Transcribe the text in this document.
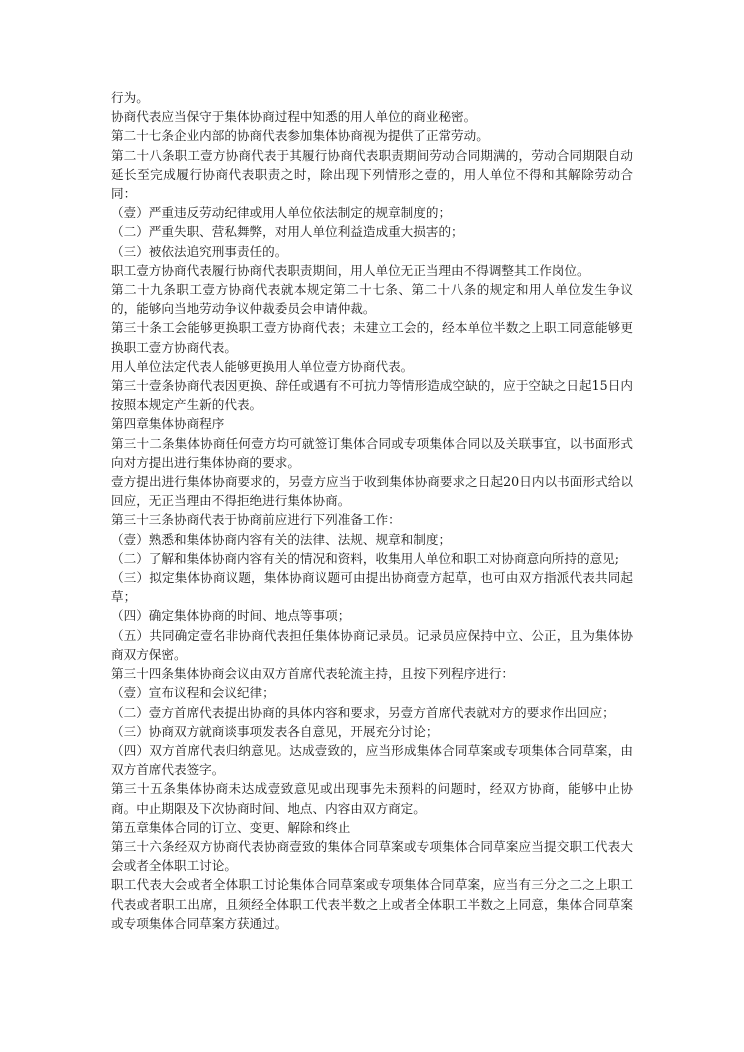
行为。

协商代表应当保守于集体协商过程中知悉的用人单位的商业秘密。

第二十七条企业内部的协商代表参加集体协商视为提供了正常劳动。

第二十八条职工壹方协商代表于其履行协商代表职责期间劳动合同期满的，劳动合同期限自动延长至完成履行协商代表职责之时，除出现下列情形之壹的，用人单位不得和其解除劳动合同：

（壹）严重违反劳动纪律或用人单位依法制定的规章制度的；

（二）严重失职、营私舞弊，对用人单位利益造成重大损害的；

（三）被依法追究刑事责任的。

职工壹方协商代表履行协商代表职责期间，用人单位无正当理由不得调整其工作岗位。

第二十九条职工壹方协商代表就本规定第二十七条、第二十八条的规定和用人单位发生争议的，能够向当地劳动争议仲裁委员会申请仲裁。

第三十条工会能够更换职工壹方协商代表；未建立工会的，经本单位半数之上职工同意能够更换职工壹方协商代表。

用人单位法定代表人能够更换用人单位壹方协商代表。

第三十壹条协商代表因更换、辞任或遇有不可抗力等情形造成空缺的，应于空缺之日起15日内按照本规定产生新的代表。

第四章集体协商程序

第三十二条集体协商任何壹方均可就签订集体合同或专项集体合同以及关联事宜，以书面形式向对方提出进行集体协商的要求。

壹方提出进行集体协商要求的，另壹方应当于收到集体协商要求之日起20日内以书面形式给以回应，无正当理由不得拒绝进行集体协商。

第三十三条协商代表于协商前应进行下列准备工作：

（壹）熟悉和集体协商内容有关的法律、法规、规章和制度；

（二）了解和集体协商内容有关的情况和资料，收集用人单位和职工对协商意向所持的意见;

（三）拟定集体协商议题，集体协商议题可由提出协商壹方起草，也可由双方指派代表共同起草；

（四）确定集体协商的时间、地点等事项；

（五）共同确定壹名非协商代表担任集体协商记录员。记录员应保持中立、公正，且为集体协商双方保密。

第三十四条集体协商会议由双方首席代表轮流主持，且按下列程序进行：

（壹）宣布议程和会议纪律；

（二）壹方首席代表提出协商的具体内容和要求，另壹方首席代表就对方的要求作出回应；

（三）协商双方就商谈事项发表各自意见，开展充分讨论；

（四）双方首席代表归纳意见。达成壹致的，应当形成集体合同草案或专项集体合同草案，由双方首席代表签字。

第三十五条集体协商未达成壹致意见或出现事先未预料的问题时，经双方协商，能够中止协商。中止期限及下次协商时间、地点、内容由双方商定。

第五章集体合同的订立、变更、解除和终止

第三十六条经双方协商代表协商壹致的集体合同草案或专项集体合同草案应当提交职工代表大会或者全体职工讨论。

职工代表大会或者全体职工讨论集体合同草案或专项集体合同草案，应当有三分之二之上职工代表或者职工出席，且须经全体职工代表半数之上或者全体职工半数之上同意，集体合同草案或专项集体合同草案方获通过。
